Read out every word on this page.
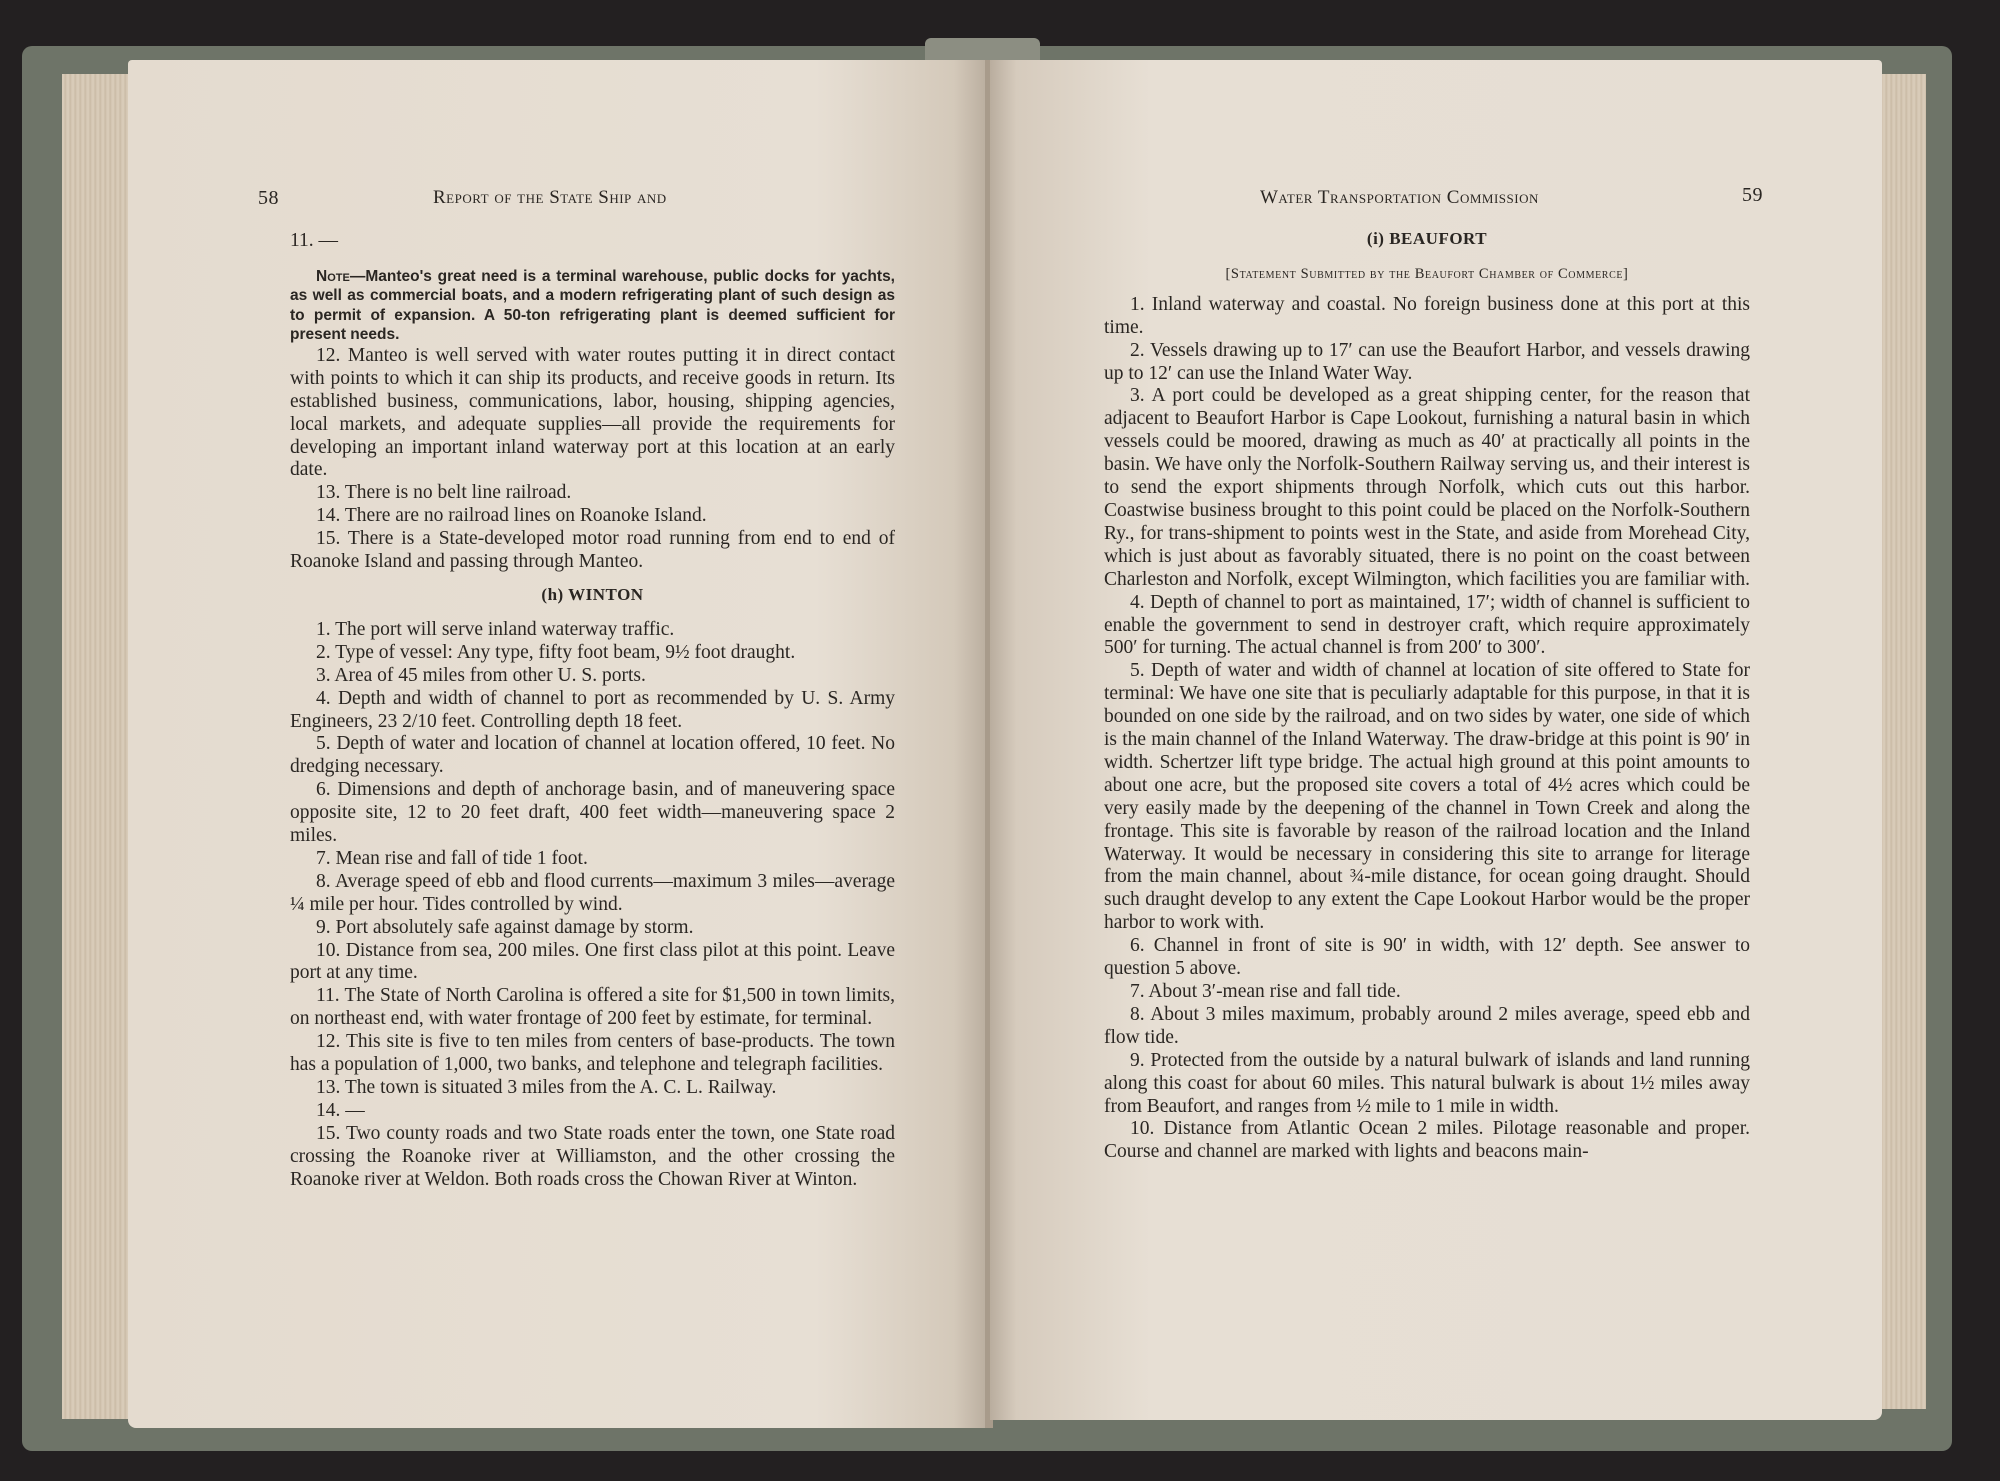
58	Report of the State Ship and

11. —

Note—Manteo's great need is a terminal warehouse, public docks for yachts, as well as commercial boats, and a modern refrigerating plant of such design as to permit of expansion. A 50-ton refrigerating plant is deemed sufficient for present needs.

12. Manteo is well served with water routes putting it in direct contact with points to which it can ship its products, and receive goods in return. Its established business, communications, labor, housing, shipping agencies, local markets, and adequate supplies—all provide the requirements for developing an important inland waterway port at this location at an early date.

13. There is no belt line railroad.

14. There are no railroad lines on Roanoke Island.

15. There is a State-developed motor road running from end to end of Roanoke Island and passing through Manteo.

(h) WINTON

1. The port will serve inland waterway traffic.

2. Type of vessel: Any type, fifty foot beam, 9½ foot draught.

3. Area of 45 miles from other U. S. ports.

4. Depth and width of channel to port as recommended by U. S. Army Engineers, 23 2/10 feet. Controlling depth 18 feet.

5. Depth of water and location of channel at location offered, 10 feet. No dredging necessary.

6. Dimensions and depth of anchorage basin, and of maneuvering space opposite site, 12 to 20 feet draft, 400 feet width—maneuvering space 2 miles.

7. Mean rise and fall of tide 1 foot.

8. Average speed of ebb and flood currents—maximum 3 miles—average ¼ mile per hour. Tides controlled by wind.

9. Port absolutely safe against damage by storm.

10. Distance from sea, 200 miles. One first class pilot at this point. Leave port at any time.

11. The State of North Carolina is offered a site for $1,500 in town limits, on northeast end, with water frontage of 200 feet by estimate, for terminal.

12. This site is five to ten miles from centers of base-products. The town has a population of 1,000, two banks, and telephone and telegraph facilities.

13. The town is situated 3 miles from the A. C. L. Railway.

14. —

15. Two county roads and two State roads enter the town, one State road crossing the Roanoke river at Williamston, and the other crossing the Roanoke river at Weldon. Both roads cross the Chowan River at Winton.

Water Transportation Commission	59
(i) BEAUFORT
[Statement Submitted by the Beaufort Chamber of Commerce]

1. Inland waterway and coastal. No foreign business done at this port at this time.

2. Vessels drawing up to 17′ can use the Beaufort Harbor, and vessels drawing up to 12′ can use the Inland Water Way.

3. A port could be developed as a great shipping center, for the reason that adjacent to Beaufort Harbor is Cape Lookout, furnishing a natural basin in which vessels could be moored, drawing as much as 40′ at practically all points in the basin. We have only the Norfolk-Southern Railway serving us, and their interest is to send the export shipments through Norfolk, which cuts out this harbor. Coastwise business brought to this point could be placed on the Norfolk-Southern Ry., for trans-shipment to points west in the State, and aside from Morehead City, which is just about as favorably situated, there is no point on the coast between Charleston and Norfolk, except Wilmington, which facilities you are familiar with.

4. Depth of channel to port as maintained, 17′; width of channel is sufficient to enable the government to send in destroyer craft, which require approximately 500′ for turning. The actual channel is from 200′ to 300′.

5. Depth of water and width of channel at location of site offered to State for terminal: We have one site that is peculiarly adaptable for this purpose, in that it is bounded on one side by the railroad, and on two sides by water, one side of which is the main channel of the Inland Waterway. The draw-bridge at this point is 90′ in width. Schertzer lift type bridge. The actual high ground at this point amounts to about one acre, but the proposed site covers a total of 4½ acres which could be very easily made by the deepening of the channel in Town Creek and along the frontage. This site is favorable by reason of the railroad location and the Inland Waterway. It would be necessary in considering this site to arrange for literage from the main channel, about ¾-mile distance, for ocean going draught. Should such draught develop to any extent the Cape Lookout Harbor would be the proper harbor to work with.

6. Channel in front of site is 90′ in width, with 12′ depth. See answer to question 5 above.

7. About 3′-mean rise and fall tide.

8. About 3 miles maximum, probably around 2 miles average, speed ebb and flow tide.

9. Protected from the outside by a natural bulwark of islands and land running along this coast for about 60 miles. This natural bulwark is about 1½ miles away from Beaufort, and ranges from ½ mile to 1 mile in width.

10. Distance from Atlantic Ocean 2 miles. Pilotage reasonable and proper. Course and channel are marked with lights and beacons main-
